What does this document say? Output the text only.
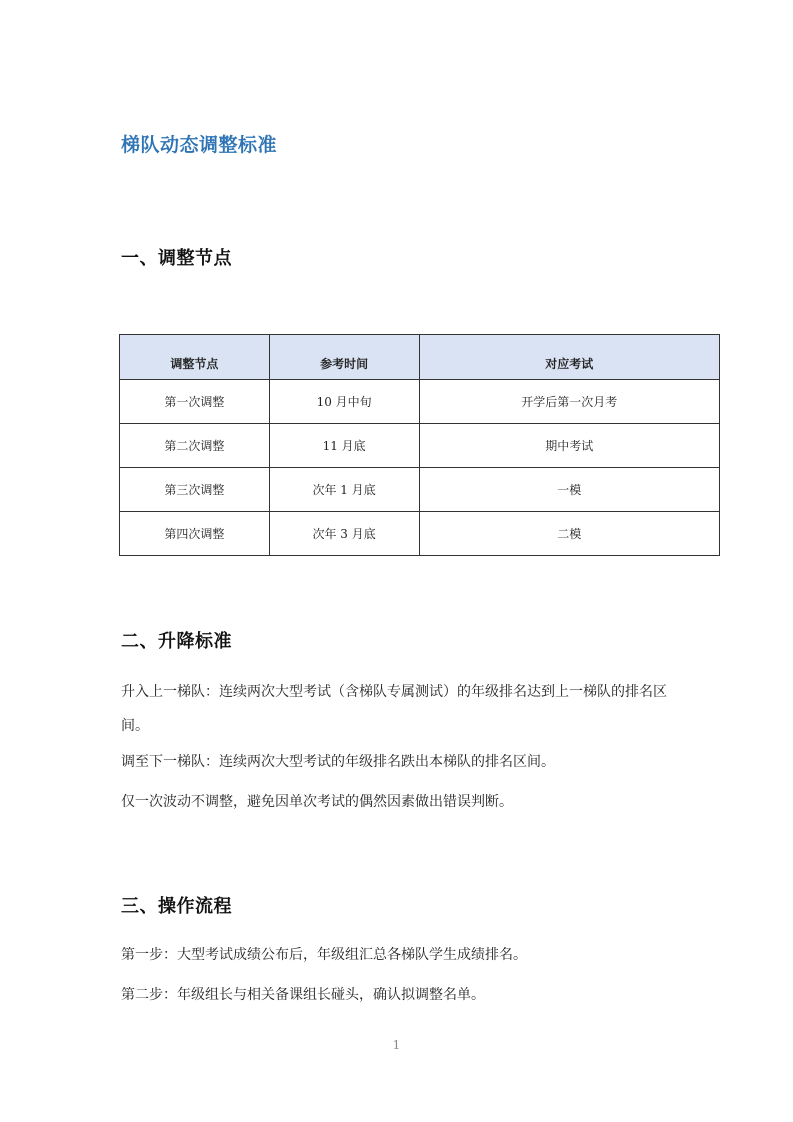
梯队动态调整标准
一、调整节点
调整节点	参考时间	对应考试
第一次调整	10 月中旬	开学后第一次月考
第二次调整	11 月底	期中考试
第三次调整	次年 1 月底	一模
第四次调整	次年 3 月底	二模
二、升降标准

升入上一梯队：连续两次大型考试（含梯队专属测试）的年级排名达到上一梯队的排名区间。

调至下一梯队：连续两次大型考试的年级排名跌出本梯队的排名区间。

仅一次波动不调整，避免因单次考试的偶然因素做出错误判断。

三、操作流程

第一步：大型考试成绩公布后，年级组汇总各梯队学生成绩排名。

第二步：年级组长与相关备课组长碰头，确认拟调整名单。

1
